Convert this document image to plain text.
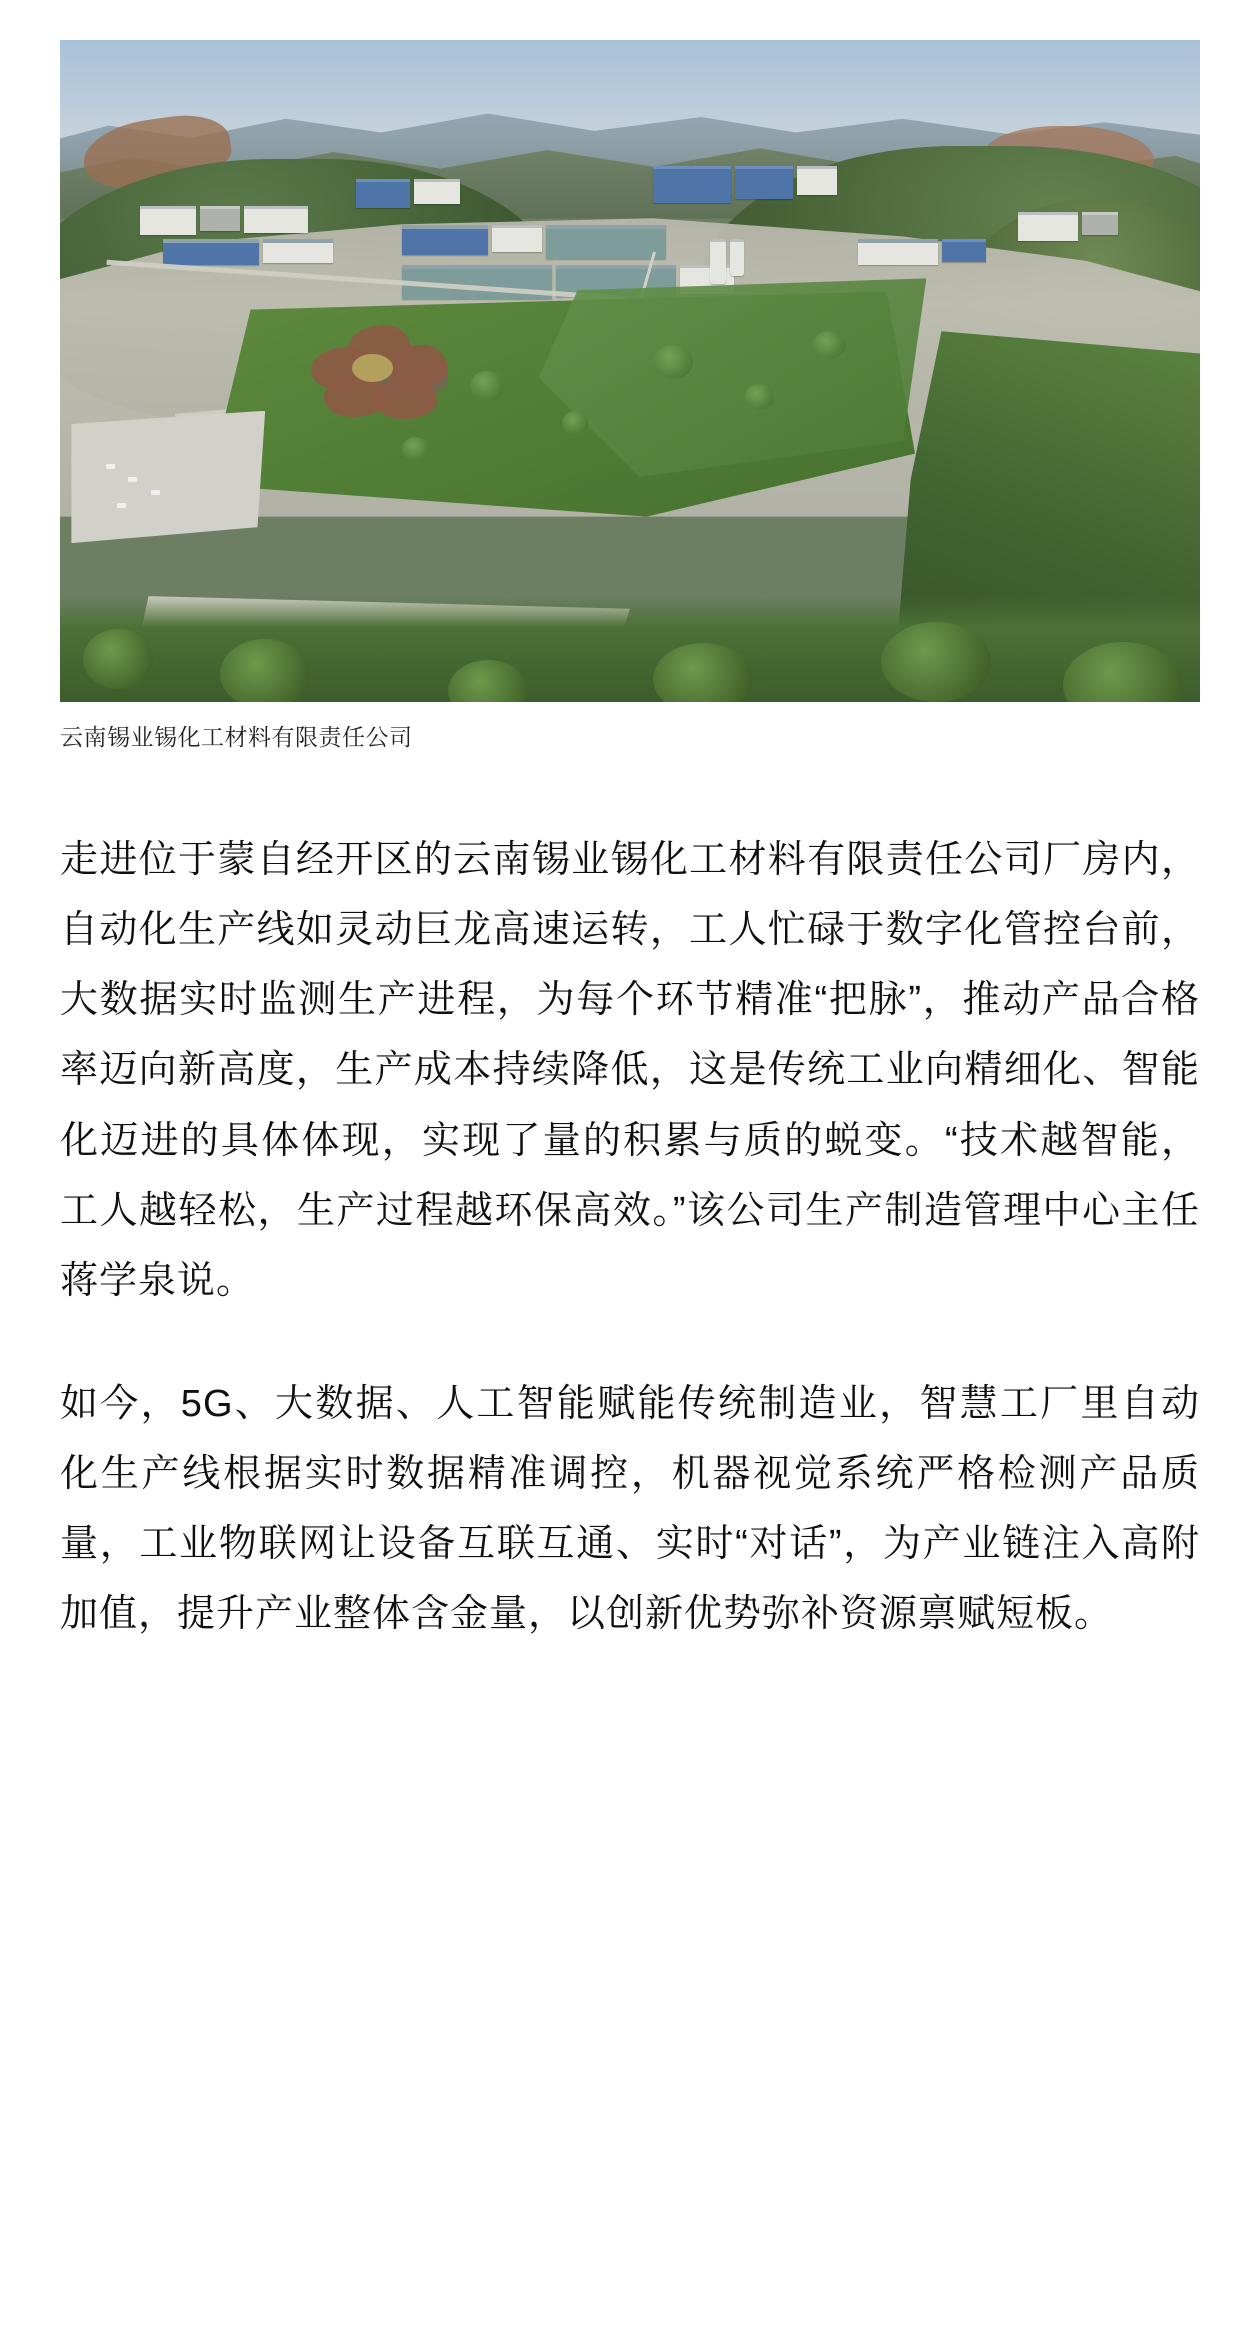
云南锡业锡化工材料有限责任公司

走进位于蒙自经开区的云南锡业锡化工材料有限责任公司厂房内，自动化生产线如灵动巨龙高速运转，工人忙碌于数字化管控台前，大数据实时监测生产进程，为每个环节精准“把脉”，推动产品合格率迈向新高度，生产成本持续降低，这是传统工业向精细化、智能化迈进的具体体现，实现了量的积累与质的蜕变。“技术越智能，工人越轻松，生产过程越环保高效。”该公司生产制造管理中心主任蒋学泉说。

如今，5G、大数据、人工智能赋能传统制造业，智慧工厂里自动化生产线根据实时数据精准调控，机器视觉系统严格检测产品质量，工业物联网让设备互联互通、实时“对话”，为产业链注入高附加值，提升产业整体含金量，以创新优势弥补资源禀赋短板。
